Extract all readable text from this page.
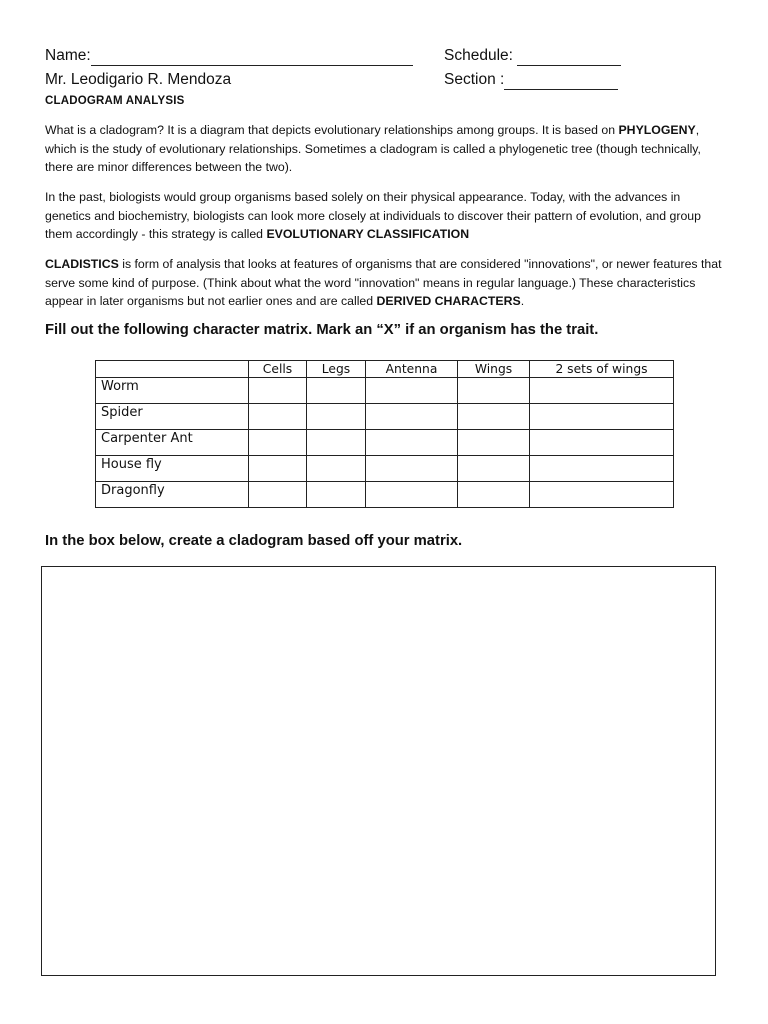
Name:	Schedule:
Mr. Leodigario R. Mendoza	Section :
CLADOGRAM ANALYSIS
What is a cladogram? It is a diagram that depicts evolutionary relationships among groups. It is based on PHYLOGENY, which is the study of evolutionary relationships. Sometimes a cladogram is called a phylogenetic tree (though technically, there are minor differences between the two).
In the past, biologists would group organisms based solely on their physical appearance. Today, with the advances in genetics and biochemistry, biologists can look more closely at individuals to discover their pattern of evolution, and group them accordingly - this strategy is called EVOLUTIONARY CLASSIFICATION
CLADISTICS is form of analysis that looks at features of organisms that are considered "innovations", or newer features that serve some kind of purpose. (Think about what the word "innovation" means in regular language.) These characteristics appear in later organisms but not earlier ones and are called DERIVED CHARACTERS.
Fill out the following character matrix. Mark an “X” if an organism has the trait.
	Cells	Legs	Antenna	Wings	2 sets of wings
Worm					
Spider					
Carpenter Ant					
House fly					
Dragonfly					
In the box below, create a cladogram based off your matrix.
